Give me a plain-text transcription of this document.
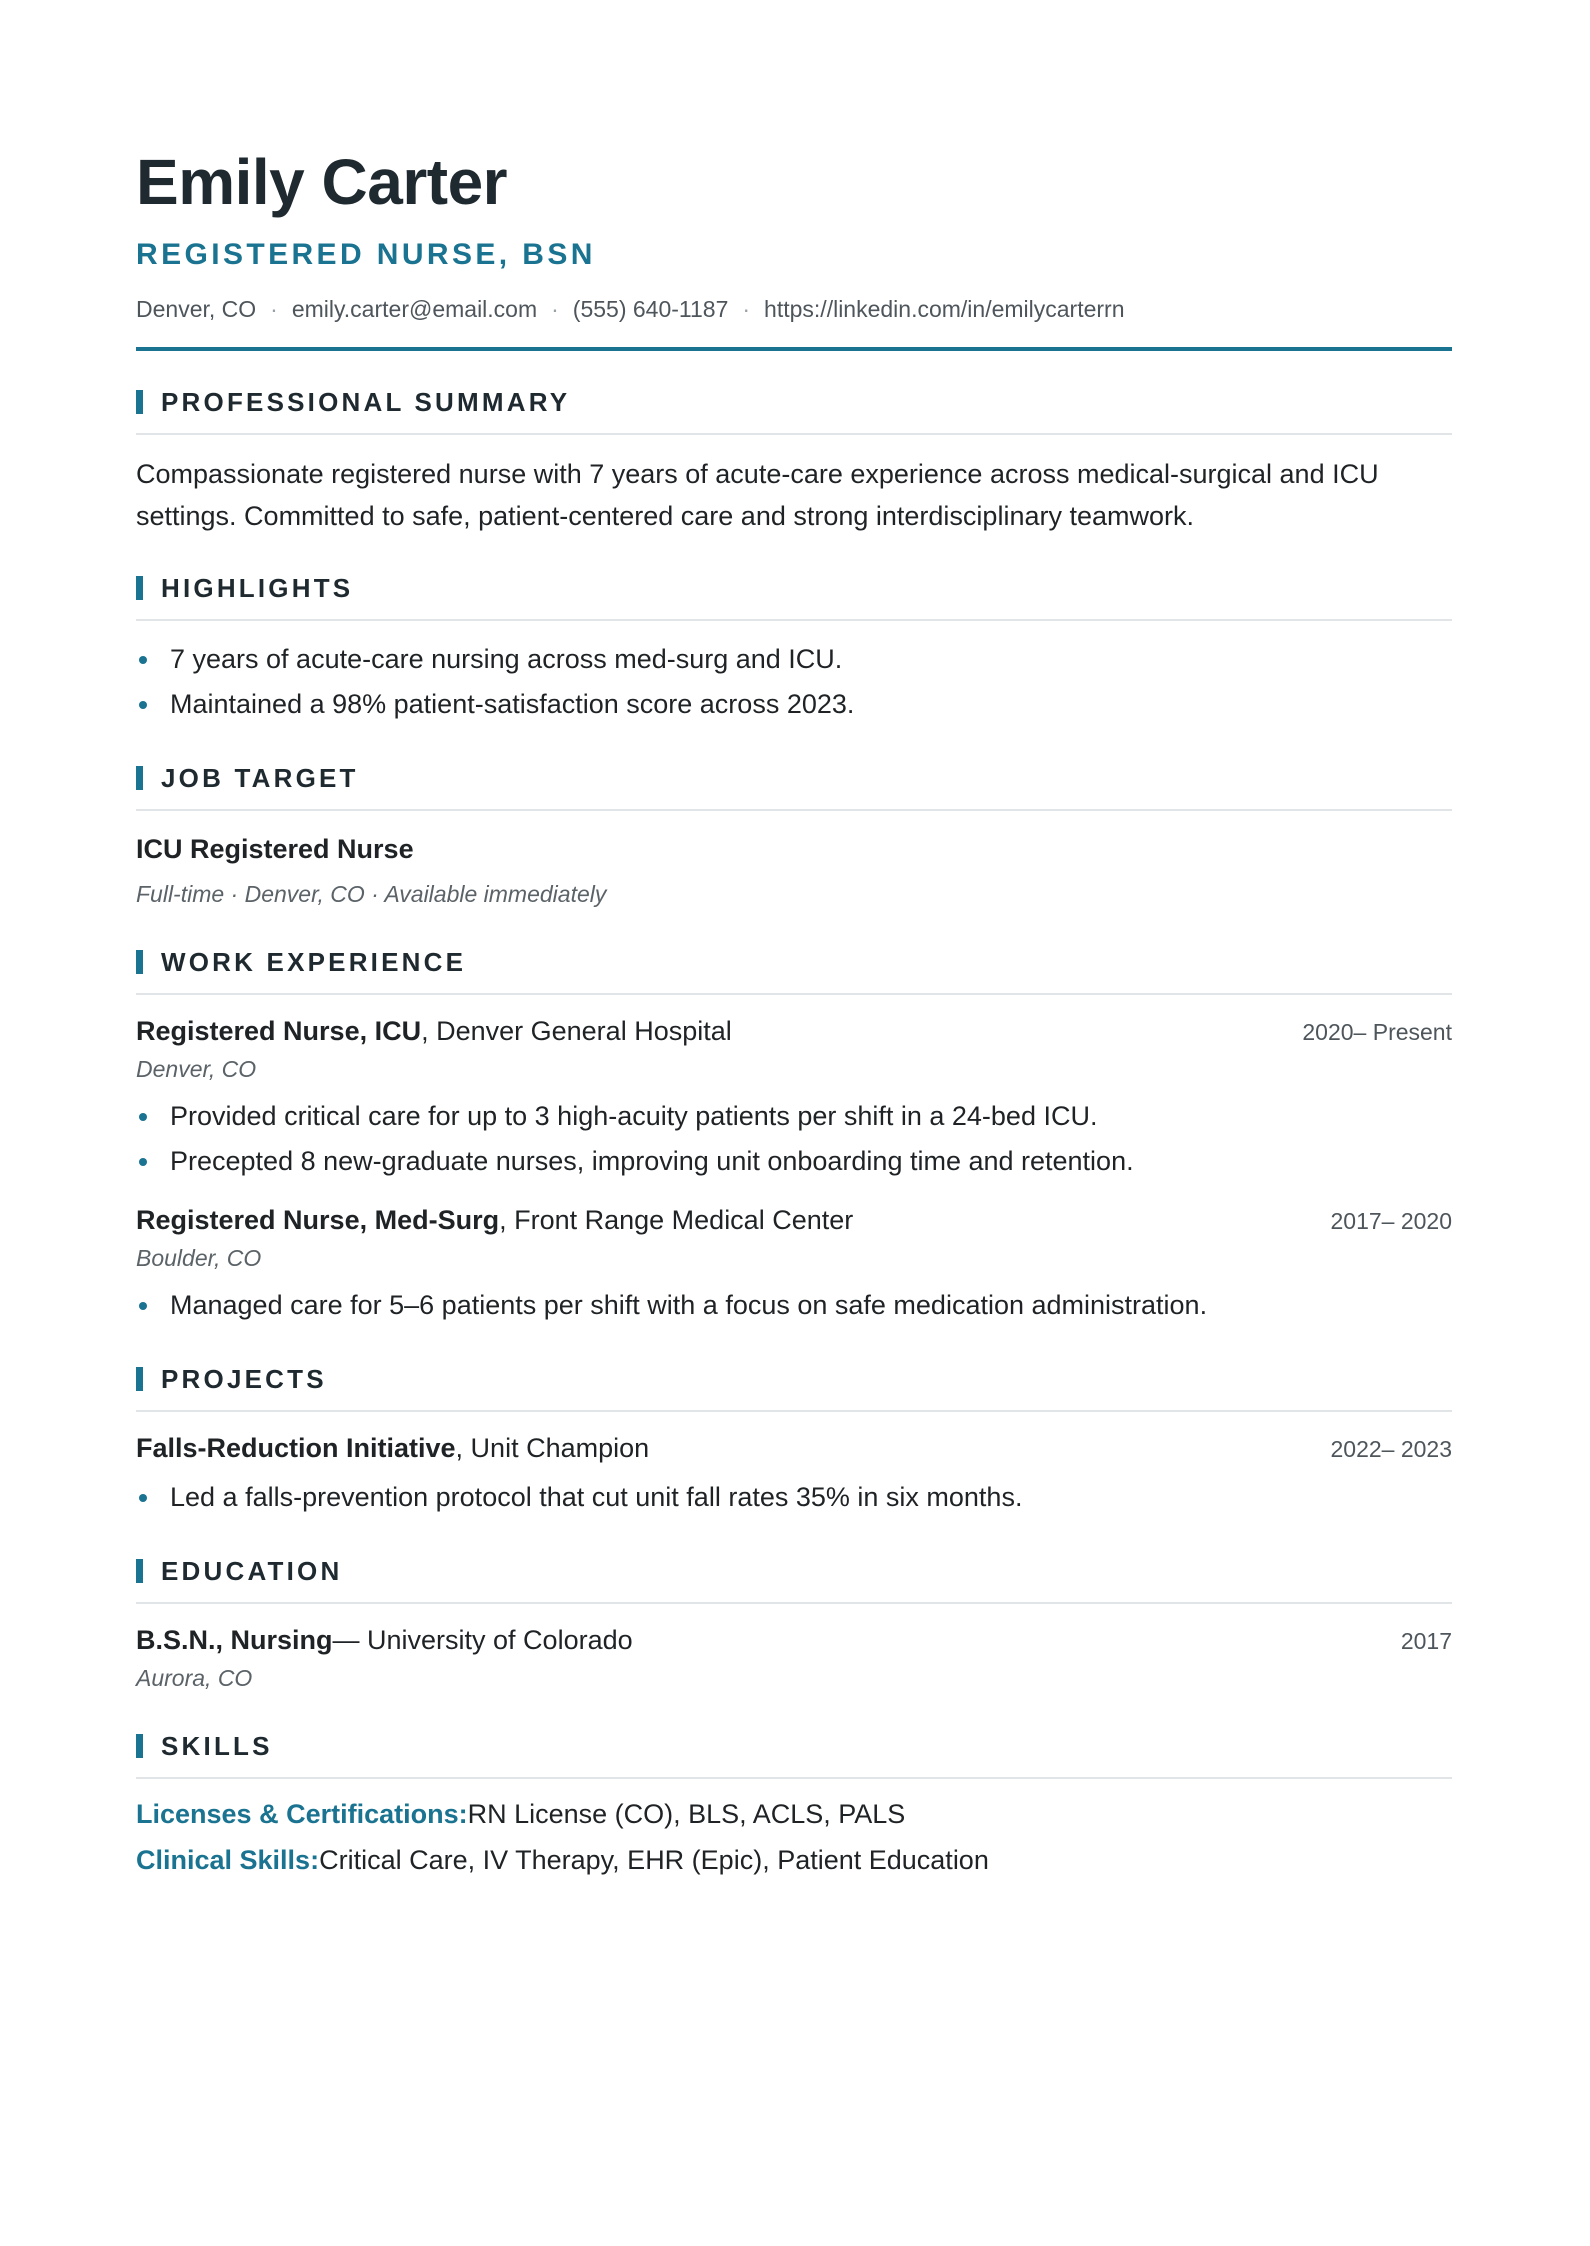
Emily Carter
REGISTERED NURSE, BSN
Denver, CO · emily.carter@email.com · (555) 640-1187 · https://linkedin.com/in/emilycarterrn
PROFESSIONAL SUMMARY
Compassionate registered nurse with 7 years of acute-care experience across medical-surgical and ICU settings. Committed to safe, patient-centered care and strong interdisciplinary teamwork.
HIGHLIGHTS
7 years of acute-care nursing across med-surg and ICU.
Maintained a 98% patient-satisfaction score across 2023.
JOB TARGET
ICU Registered Nurse
Full-time · Denver, CO · Available immediately
WORK EXPERIENCE
Registered Nurse, ICU, Denver General Hospital	2020– Present
Denver, CO
Provided critical care for up to 3 high-acuity patients per shift in a 24-bed ICU.
Precepted 8 new-graduate nurses, improving unit onboarding time and retention.
Registered Nurse, Med-Surg, Front Range Medical Center	2017– 2020
Boulder, CO
Managed care for 5–6 patients per shift with a focus on safe medication administration.
PROJECTS
Falls-Reduction Initiative, Unit Champion	2022– 2023
Led a falls-prevention protocol that cut unit fall rates 35% in six months.
EDUCATION
B.S.N., Nursing— University of Colorado	2017
Aurora, CO
SKILLS
Licenses & Certifications:RN License (CO), BLS, ACLS, PALS
Clinical Skills:Critical Care, IV Therapy, EHR (Epic), Patient Education
